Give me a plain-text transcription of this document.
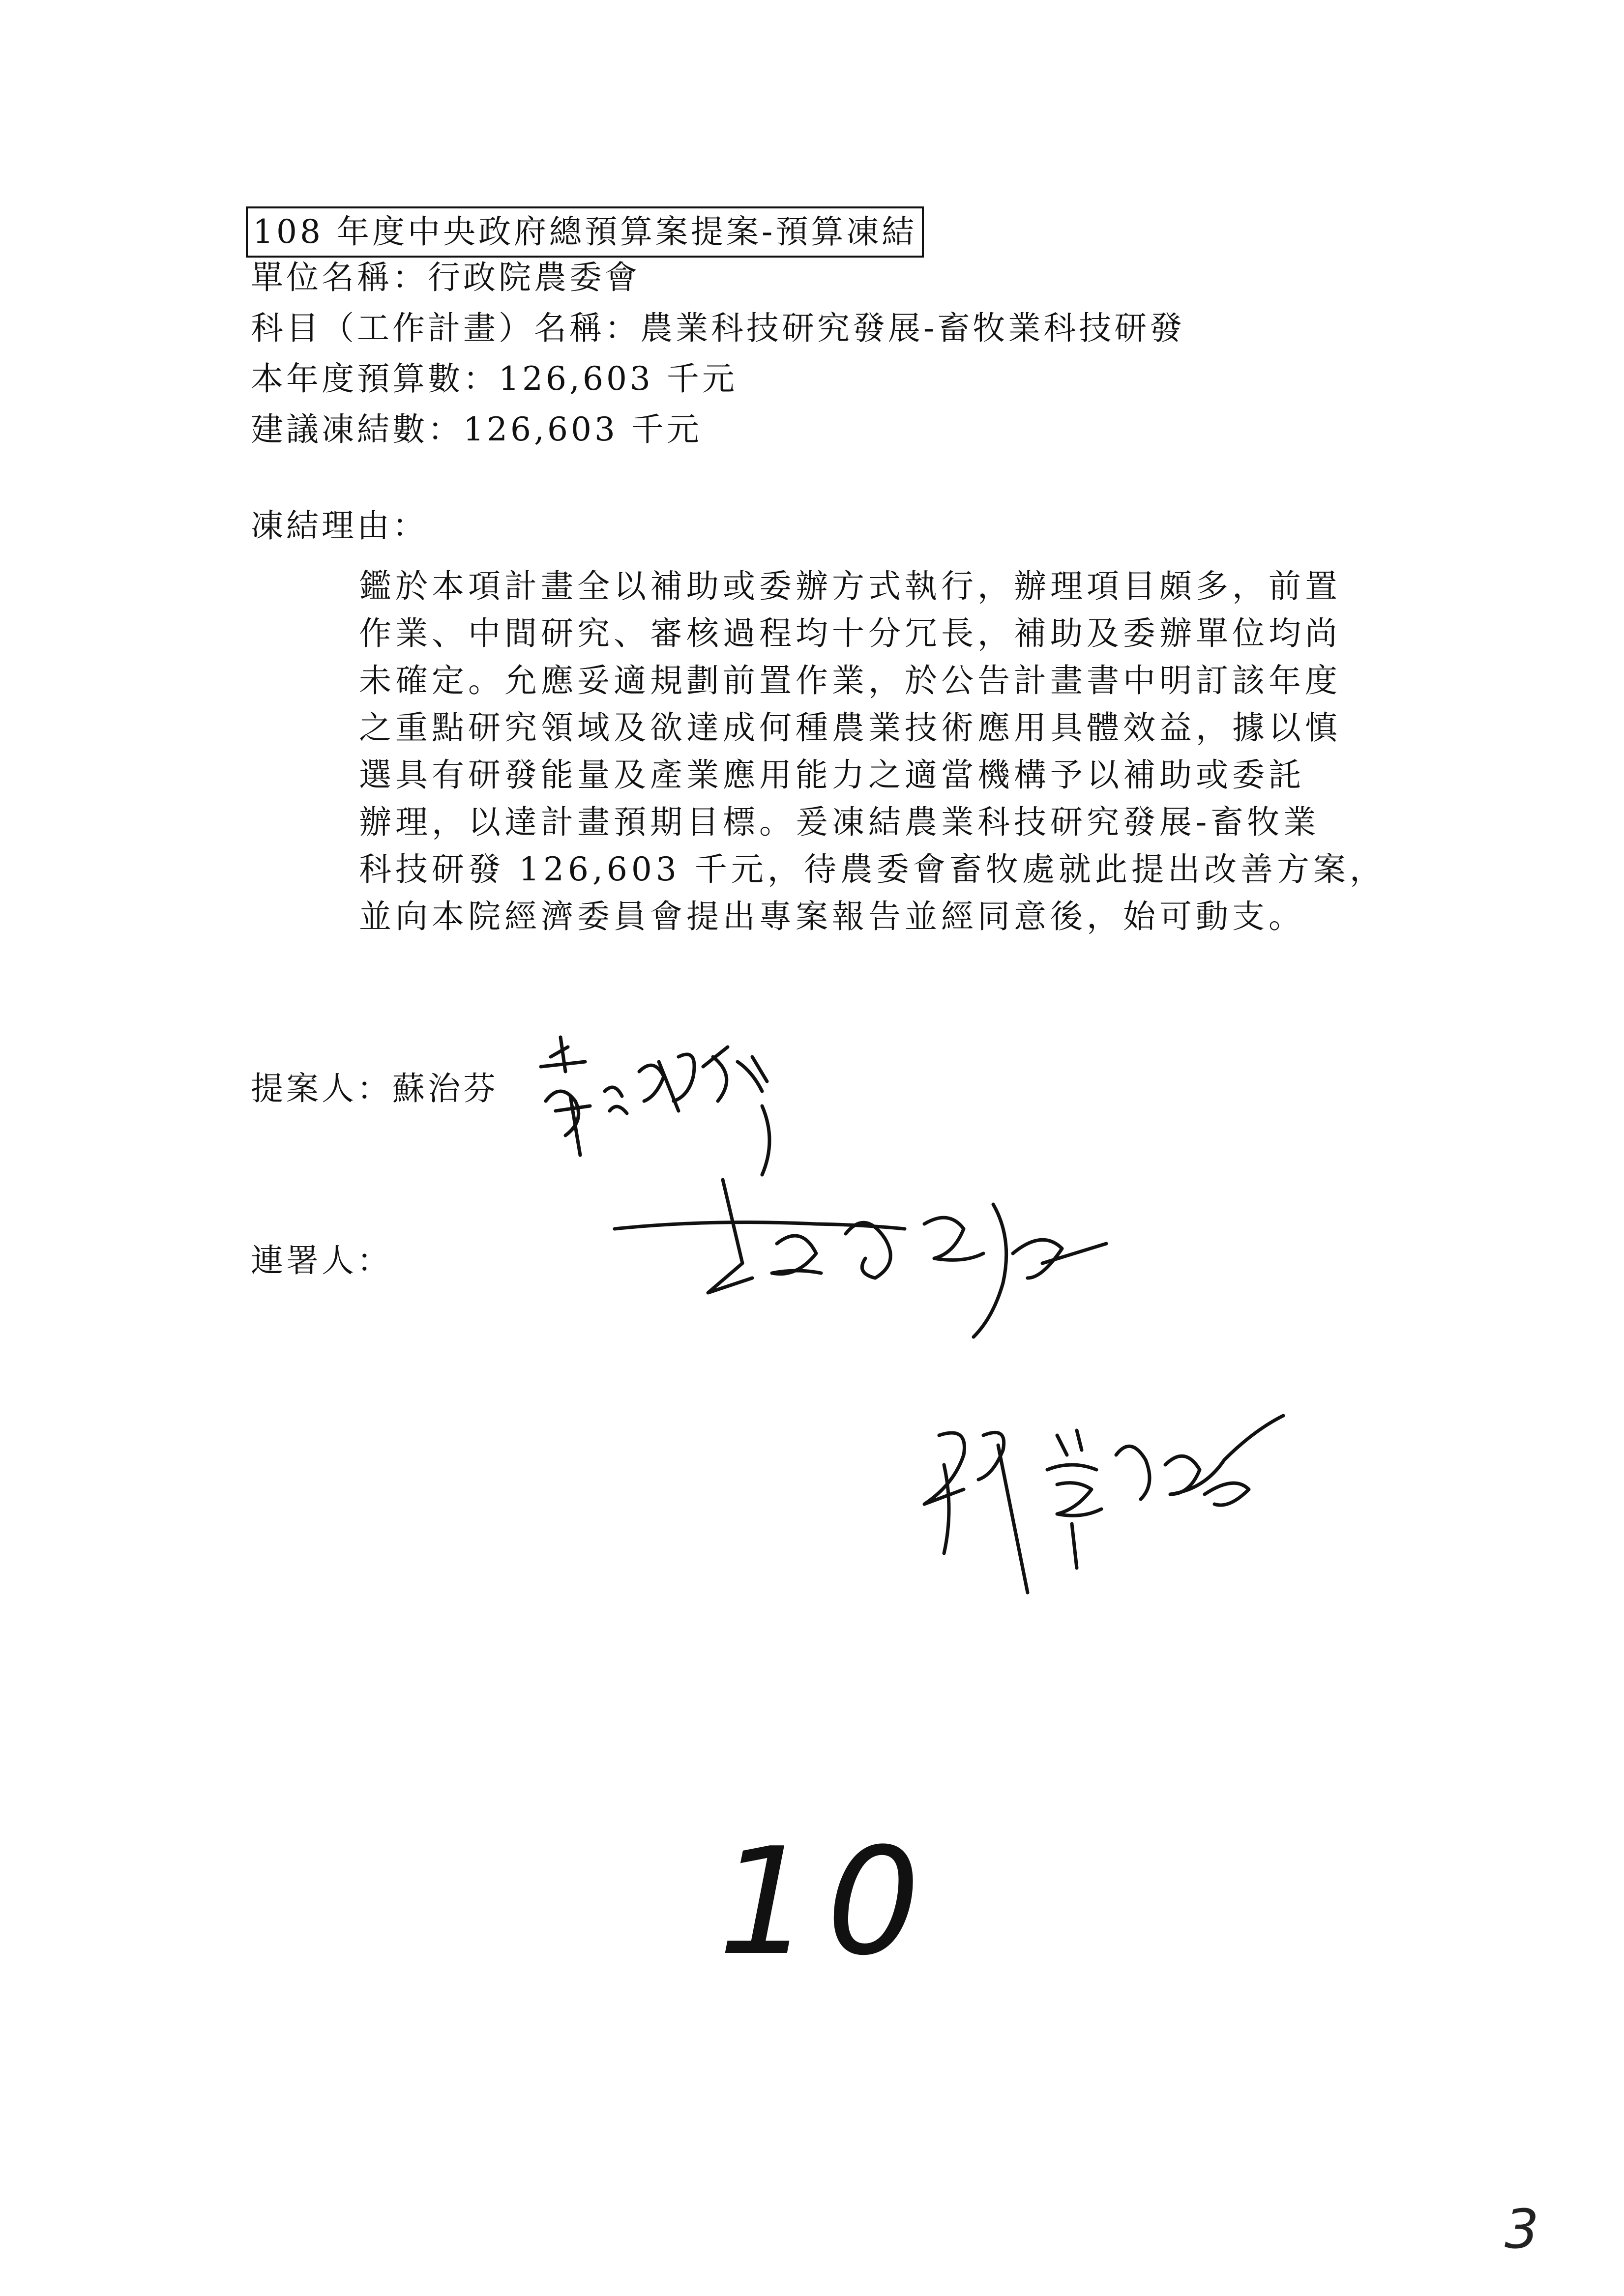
108 年度中央政府總預算案提案-預算凍結
單位名稱：行政院農委會
科目（工作計畫）名稱：農業科技研究發展-畜牧業科技研發
本年度預算數：126,603 千元
建議凍結數：126,603 千元
凍結理由：
鑑於本項計畫全以補助或委辦方式執行，辦理項目頗多，前置
作業、中間研究、審核過程均十分冗長，補助及委辦單位均尚
未確定。允應妥適規劃前置作業，於公告計畫書中明訂該年度
之重點研究領域及欲達成何種農業技術應用具體效益，據以慎
選具有研發能量及產業應用能力之適當機構予以補助或委託
辦理，以達計畫預期目標。爰凍結農業科技研究發展-畜牧業
科技研發 126,603 千元，待農委會畜牧處就此提出改善方案，
並向本院經濟委員會提出專案報告並經同意後，始可動支。
提案人：蘇治芬
連署人：
10
3
